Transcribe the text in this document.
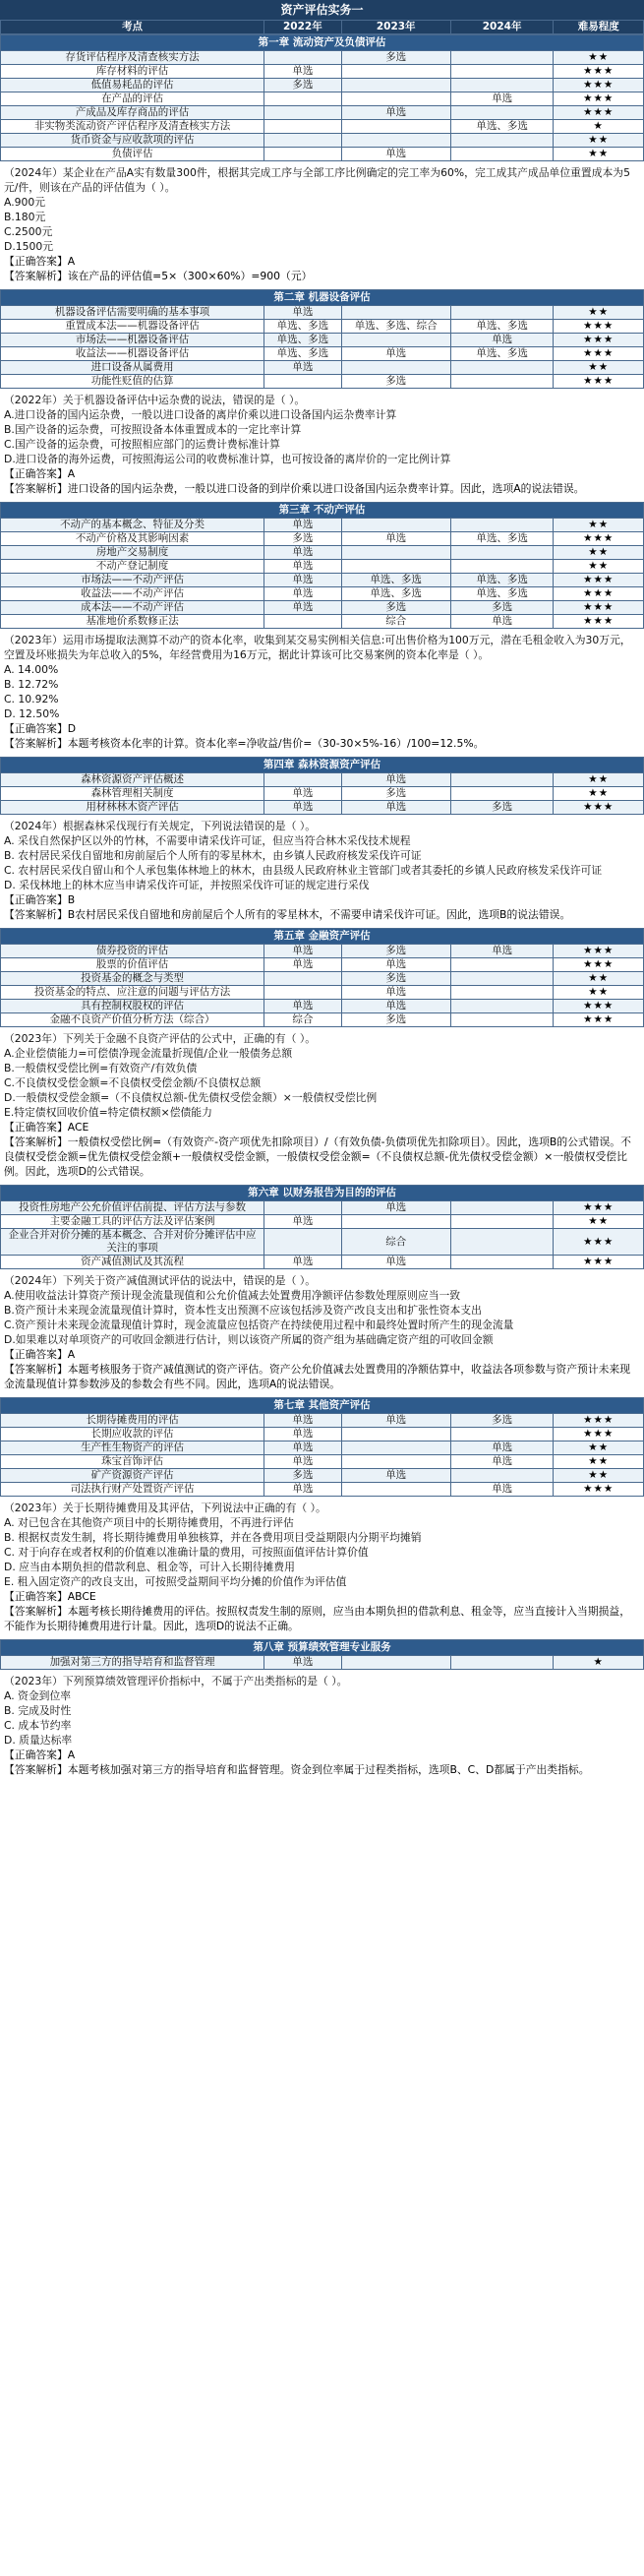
资产评估实务一
考点	2022年	2023年	2024年	难易程度
第一章 流动资产及负债评估				
存货评估程序及清查核实方法		多选		★★
库存材料的评估	单选			★★★
低值易耗品的评估	多选			★★★
在产品的评估			单选	★★★
产成品及库存商品的评估		单选		★★★
非实物类流动资产评估程序及清查核实方法			单选、多选	★
货币资金与应收款项的评估				★★
负债评估		单选		★★

（2024年）某企业在产品A实有数量300件，根据其完成工序与全部工序比例确定的完工率为60%，完工成其产成品单位重置成本为5元/件，则该在产品的评估值为（ ）。

A.900元

B.180元

C.2500元

D.1500元

【正确答案】A

【答案解析】该在产品的评估值=5×（300×60%）=900（元）

第二章 机器设备评估				
机器设备评估需要明确的基本事项	单选			★★
重置成本法——机器设备评估	单选、多选	单选、多选、综合	单选、多选	★★★
市场法——机器设备评估	单选、多选		单选	★★★
收益法——机器设备评估	单选、多选	单选	单选、多选	★★★
进口设备从属费用	单选			★★
功能性贬值的估算		多选		★★★

（2022年）关于机器设备评估中运杂费的说法，错误的是（ ）。

A.进口设备的国内运杂费，一般以进口设备的离岸价乘以进口设备国内运杂费率计算

B.国产设备的运杂费，可按照设备本体重置成本的一定比率计算

C.国产设备的运杂费，可按照相应部门的运费计费标准计算

D.进口设备的海外运费，可按照海运公司的收费标准计算，也可按设备的离岸价的一定比例计算

【正确答案】A

【答案解析】进口设备的国内运杂费，一般以进口设备的到岸价乘以进口设备国内运杂费率计算。因此，选项A的说法错误。

第三章 不动产评估				
不动产的基本概念、特征及分类	单选			★★
不动产价格及其影响因素	多选	单选	单选、多选	★★★
房地产交易制度	单选			★★
不动产登记制度	单选			★★
市场法——不动产评估	单选	单选、多选	单选、多选	★★★
收益法——不动产评估	单选	单选、多选	单选、多选	★★★
成本法——不动产评估	单选	多选	多选	★★★
基准地价系数修正法		综合	单选	★★★

（2023年）运用市场提取法测算不动产的资本化率，收集到某交易实例相关信息:可出售价格为100万元，潜在毛租金收入为30万元，空置及坏账损失为年总收入的5%，年经营费用为16万元，据此计算该可比交易案例的资本化率是（ ）。

A. 14.00%

B. 12.72%

C. 10.92%

D. 12.50%

【正确答案】D

【答案解析】本题考核资本化率的计算。资本化率=净收益/售价=（30-30×5%-16）/100=12.5%。

第四章 森林资源资产评估				
森林资源资产评估概述		单选		★★
森林管理相关制度	单选	多选		★★
用材林林木资产评估	单选	单选	多选	★★★

（2024年）根据森林采伐现行有关规定，下列说法错误的是（ ）。

A. 采伐自然保护区以外的竹林，不需要申请采伐许可证，但应当符合林木采伐技术规程

B. 农村居民采伐自留地和房前屋后个人所有的零星林木，由乡镇人民政府核发采伐许可证

C. 农村居民采伐自留山和个人承包集体林地上的林木，由县级人民政府林业主管部门或者其委托的乡镇人民政府核发采伐许可证

D. 采伐林地上的林木应当申请采伐许可证，并按照采伐许可证的规定进行采伐

【正确答案】B

【答案解析】B农村居民采伐自留地和房前屋后个人所有的零星林木，不需要申请采伐许可证。因此，选项B的说法错误。

第五章 金融资产评估				
债券投资的评估	单选	多选	单选	★★★
股票的价值评估	单选	单选		★★★
投资基金的概念与类型		多选		★★
投资基金的特点、应注意的问题与评估方法		单选		★★
具有控制权股权的评估	单选	单选		★★★
金融不良资产价值分析方法（综合）	综合	多选		★★★

（2023年）下列关于金融不良资产评估的公式中，正确的有（ ）。

A.企业偿债能力=可偿债净现金流量折现值/企业一般债务总额

B.一般债权受偿比例=有效资产/有效负债

C.不良债权受偿金额=不良债权受偿金额/不良债权总额

D.一般债权受偿金额=（不良债权总额-优先债权受偿金额）×一般债权受偿比例

E.特定债权回收价值=特定债权额×偿债能力

【正确答案】ACE

【答案解析】一般债权受偿比例=（有效资产-资产项优先扣除项目）/（有效负债-负债项优先扣除项目）。因此，选项B的公式错误。不良债权受偿金额=优先债权受偿金额+一般债权受偿金额，一般债权受偿金额=（不良债权总额-优先债权受偿金额）×一般债权受偿比例。因此，选项D的公式错误。

第六章 以财务报告为目的的评估				
投资性房地产公允价值评估前提、评估方法与参数		单选		★★★
主要金融工具的评估方法及评估案例	单选			★★
企业合并对价分摊的基本概念、合并对价分摊评估中应关注的事项		综合		★★★
资产减值测试及其流程	单选	单选		★★★

（2024年）下列关于资产减值测试评估的说法中，错误的是（ ）。

A.使用收益法计算资产预计现金流量现值和公允价值减去处置费用净额评估参数处理原则应当一致

B.资产预计未来现金流量现值计算时，资本性支出预测不应该包括涉及资产改良支出和扩张性资本支出

C.资产预计未来现金流量现值计算时，现金流量应包括资产在持续使用过程中和最终处置时所产生的现金流量

D.如果难以对单项资产的可收回金额进行估计，则以该资产所属的资产组为基础确定资产组的可收回金额

【正确答案】A

【答案解析】本题考核服务于资产减值测试的资产评估。资产公允价值减去处置费用的净额估算中，收益法各项参数与资产预计未来现金流量现值计算参数涉及的参数会有些不同。因此，选项A的说法错误。

第七章 其他资产评估				
长期待摊费用的评估	单选	单选	多选	★★★
长期应收款的评估	单选			★★★
生产性生物资产的评估	单选		单选	★★
珠宝首饰评估	单选		单选	★★
矿产资源资产评估	多选	单选		★★
司法执行财产处置资产评估	单选		单选	★★★

（2023年）关于长期待摊费用及其评估，下列说法中正确的有（ ）。

A. 对已包含在其他资产项目中的长期待摊费用，不再进行评估

B. 根据权责发生制，将长期待摊费用单独核算，并在各费用项目受益期限内分期平均摊销

C. 对于向存在或者权利的价值难以准确计量的费用，可按照面值评估计算价值

D. 应当由本期负担的借款利息、租金等，可计入长期待摊费用

E. 租入固定资产的改良支出，可按照受益期间平均分摊的价值作为评估值

【正确答案】ABCE

【答案解析】本题考核长期待摊费用的评估。按照权责发生制的原则，应当由本期负担的借款利息、租金等，应当直接计入当期损益，不能作为长期待摊费用进行计量。因此，选项D的说法不正确。

第八章 预算绩效管理专业服务
加强对第三方的指导培育和监督管理	单选			★

（2023年）下列预算绩效管理评价指标中，不属于产出类指标的是（ ）。

A. 资金到位率

B. 完成及时性

C. 成本节约率

D. 质量达标率

【正确答案】A

【答案解析】本题考核加强对第三方的指导培育和监督管理。资金到位率属于过程类指标，选项B、C、D都属于产出类指标。
